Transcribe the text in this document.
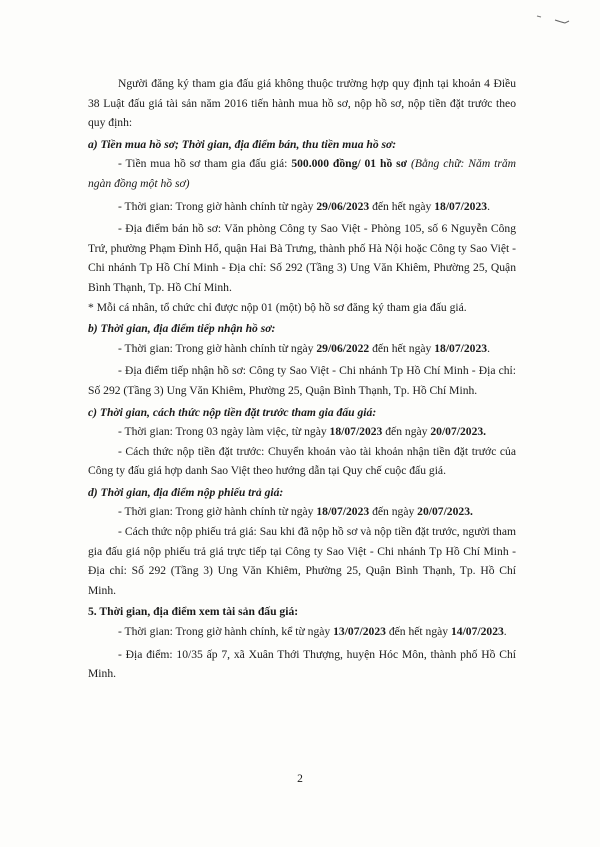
Người đăng ký tham gia đấu giá không thuộc trường hợp quy định tại khoản 4 Điều 38 Luật đấu giá tài sản năm 2016 tiến hành mua hồ sơ, nộp hồ sơ, nộp tiền đặt trước theo quy định:

a) Tiền mua hồ sơ; Thời gian, địa điểm bán, thu tiền mua hồ sơ:

- Tiền mua hồ sơ tham gia đấu giá: 500.000 đồng/ 01 hồ sơ (Bằng chữ: Năm trăm ngàn đồng một hồ sơ)

- Thời gian: Trong giờ hành chính từ ngày 29/06/2023 đến hết ngày 18/07/2023.

- Địa điểm bán hồ sơ: Văn phòng Công ty Sao Việt - Phòng 105, số 6 Nguyễn Công Trứ, phường Phạm Đình Hổ, quận Hai Bà Trưng, thành phố Hà Nội hoặc Công ty Sao Việt - Chi nhánh Tp Hồ Chí Minh - Địa chỉ: Số 292 (Tầng 3) Ung Văn Khiêm, Phường 25, Quận Bình Thạnh, Tp. Hồ Chí Minh.

* Mỗi cá nhân, tổ chức chỉ được nộp 01 (một) bộ hồ sơ đăng ký tham gia đấu giá.

b) Thời gian, địa điểm tiếp nhận hồ sơ:

- Thời gian: Trong giờ hành chính từ ngày 29/06/2022 đến hết ngày 18/07/2023.

- Địa điểm tiếp nhận hồ sơ: Công ty Sao Việt - Chi nhánh Tp Hồ Chí Minh - Địa chỉ: Số 292 (Tầng 3) Ung Văn Khiêm, Phường 25, Quận Bình Thạnh, Tp. Hồ Chí Minh.

c) Thời gian, cách thức nộp tiền đặt trước tham gia đấu giá:

- Thời gian: Trong 03 ngày làm việc, từ ngày 18/07/2023 đến ngày 20/07/2023.

- Cách thức nộp tiền đặt trước: Chuyển khoản vào tài khoản nhận tiền đặt trước của Công ty đấu giá hợp danh Sao Việt theo hướng dẫn tại Quy chế cuộc đấu giá.

d) Thời gian, địa điểm nộp phiếu trả giá:

- Thời gian: Trong giờ hành chính từ ngày 18/07/2023 đến ngày 20/07/2023.

- Cách thức nộp phiếu trả giá: Sau khi đã nộp hồ sơ và nộp tiền đặt trước, người tham gia đấu giá nộp phiếu trả giá trực tiếp tại Công ty Sao Việt - Chi nhánh Tp Hồ Chí Minh - Địa chỉ: Số 292 (Tầng 3) Ung Văn Khiêm, Phường 25, Quận Bình Thạnh, Tp. Hồ Chí Minh.

5. Thời gian, địa điểm xem tài sản đấu giá:

- Thời gian: Trong giờ hành chính, kể từ ngày 13/07/2023 đến hết ngày 14/07/2023.

- Địa điểm: 10/35 ấp 7, xã Xuân Thới Thượng, huyện Hóc Môn, thành phố Hồ Chí Minh.

2
